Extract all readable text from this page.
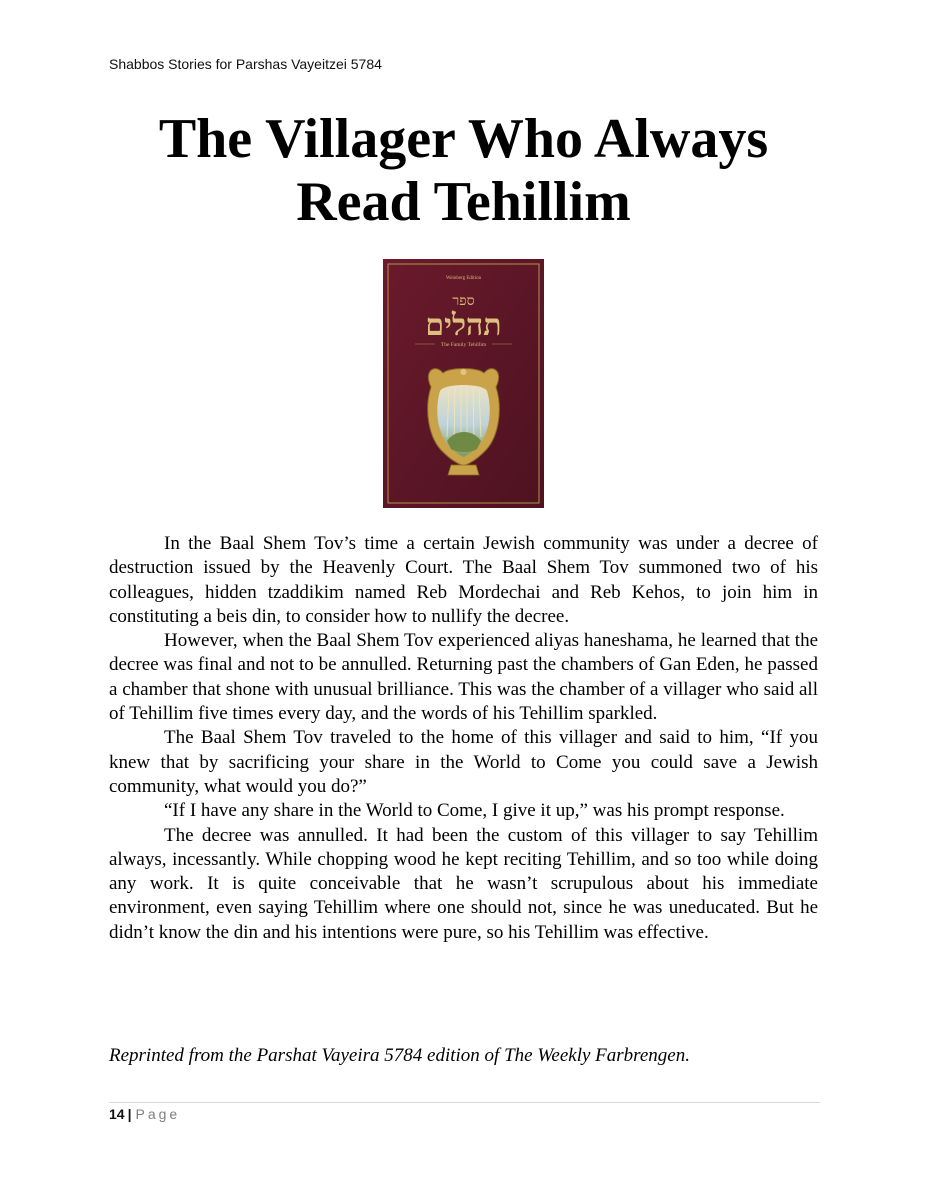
Shabbos Stories for Parshas Vayeitzei 5784
The Villager Who Always
Read Tehillim
Weinberg Edition
ספר
תהלים
The Family Tehillim

In the Baal Shem Tov’s time a certain Jewish community was under a decree of destruction issued by the Heavenly Court. The Baal Shem Tov summoned two of his colleagues, hidden tzaddikim named Reb Mordechai and Reb Kehos, to join him in constituting a beis din, to consider how to nullify the decree.

However, when the Baal Shem Tov experienced aliyas haneshama, he learned that the decree was final and not to be annulled. Returning past the chambers of Gan Eden, he passed a chamber that shone with unusual brilliance. This was the chamber of a villager who said all of Tehillim five times every day, and the words of his Tehillim sparkled.

The Baal Shem Tov traveled to the home of this villager and said to him, “If you knew that by sacrificing your share in the World to Come you could save a Jewish community, what would you do?”

“If I have any share in the World to Come, I give it up,” was his prompt response.

The decree was annulled. It had been the custom of this villager to say Tehillim always, incessantly. While chopping wood he kept reciting Tehillim, and so too while doing any work. It is quite conceivable that he wasn’t scrupulous about his immediate environment, even saying Tehillim where one should not, since he was uneducated. But he didn’t know the din and his intentions were pure, so his Tehillim was effective.

Reprinted from the Parshat Vayeira 5784 edition of The Weekly Farbrengen.
14 | Page
